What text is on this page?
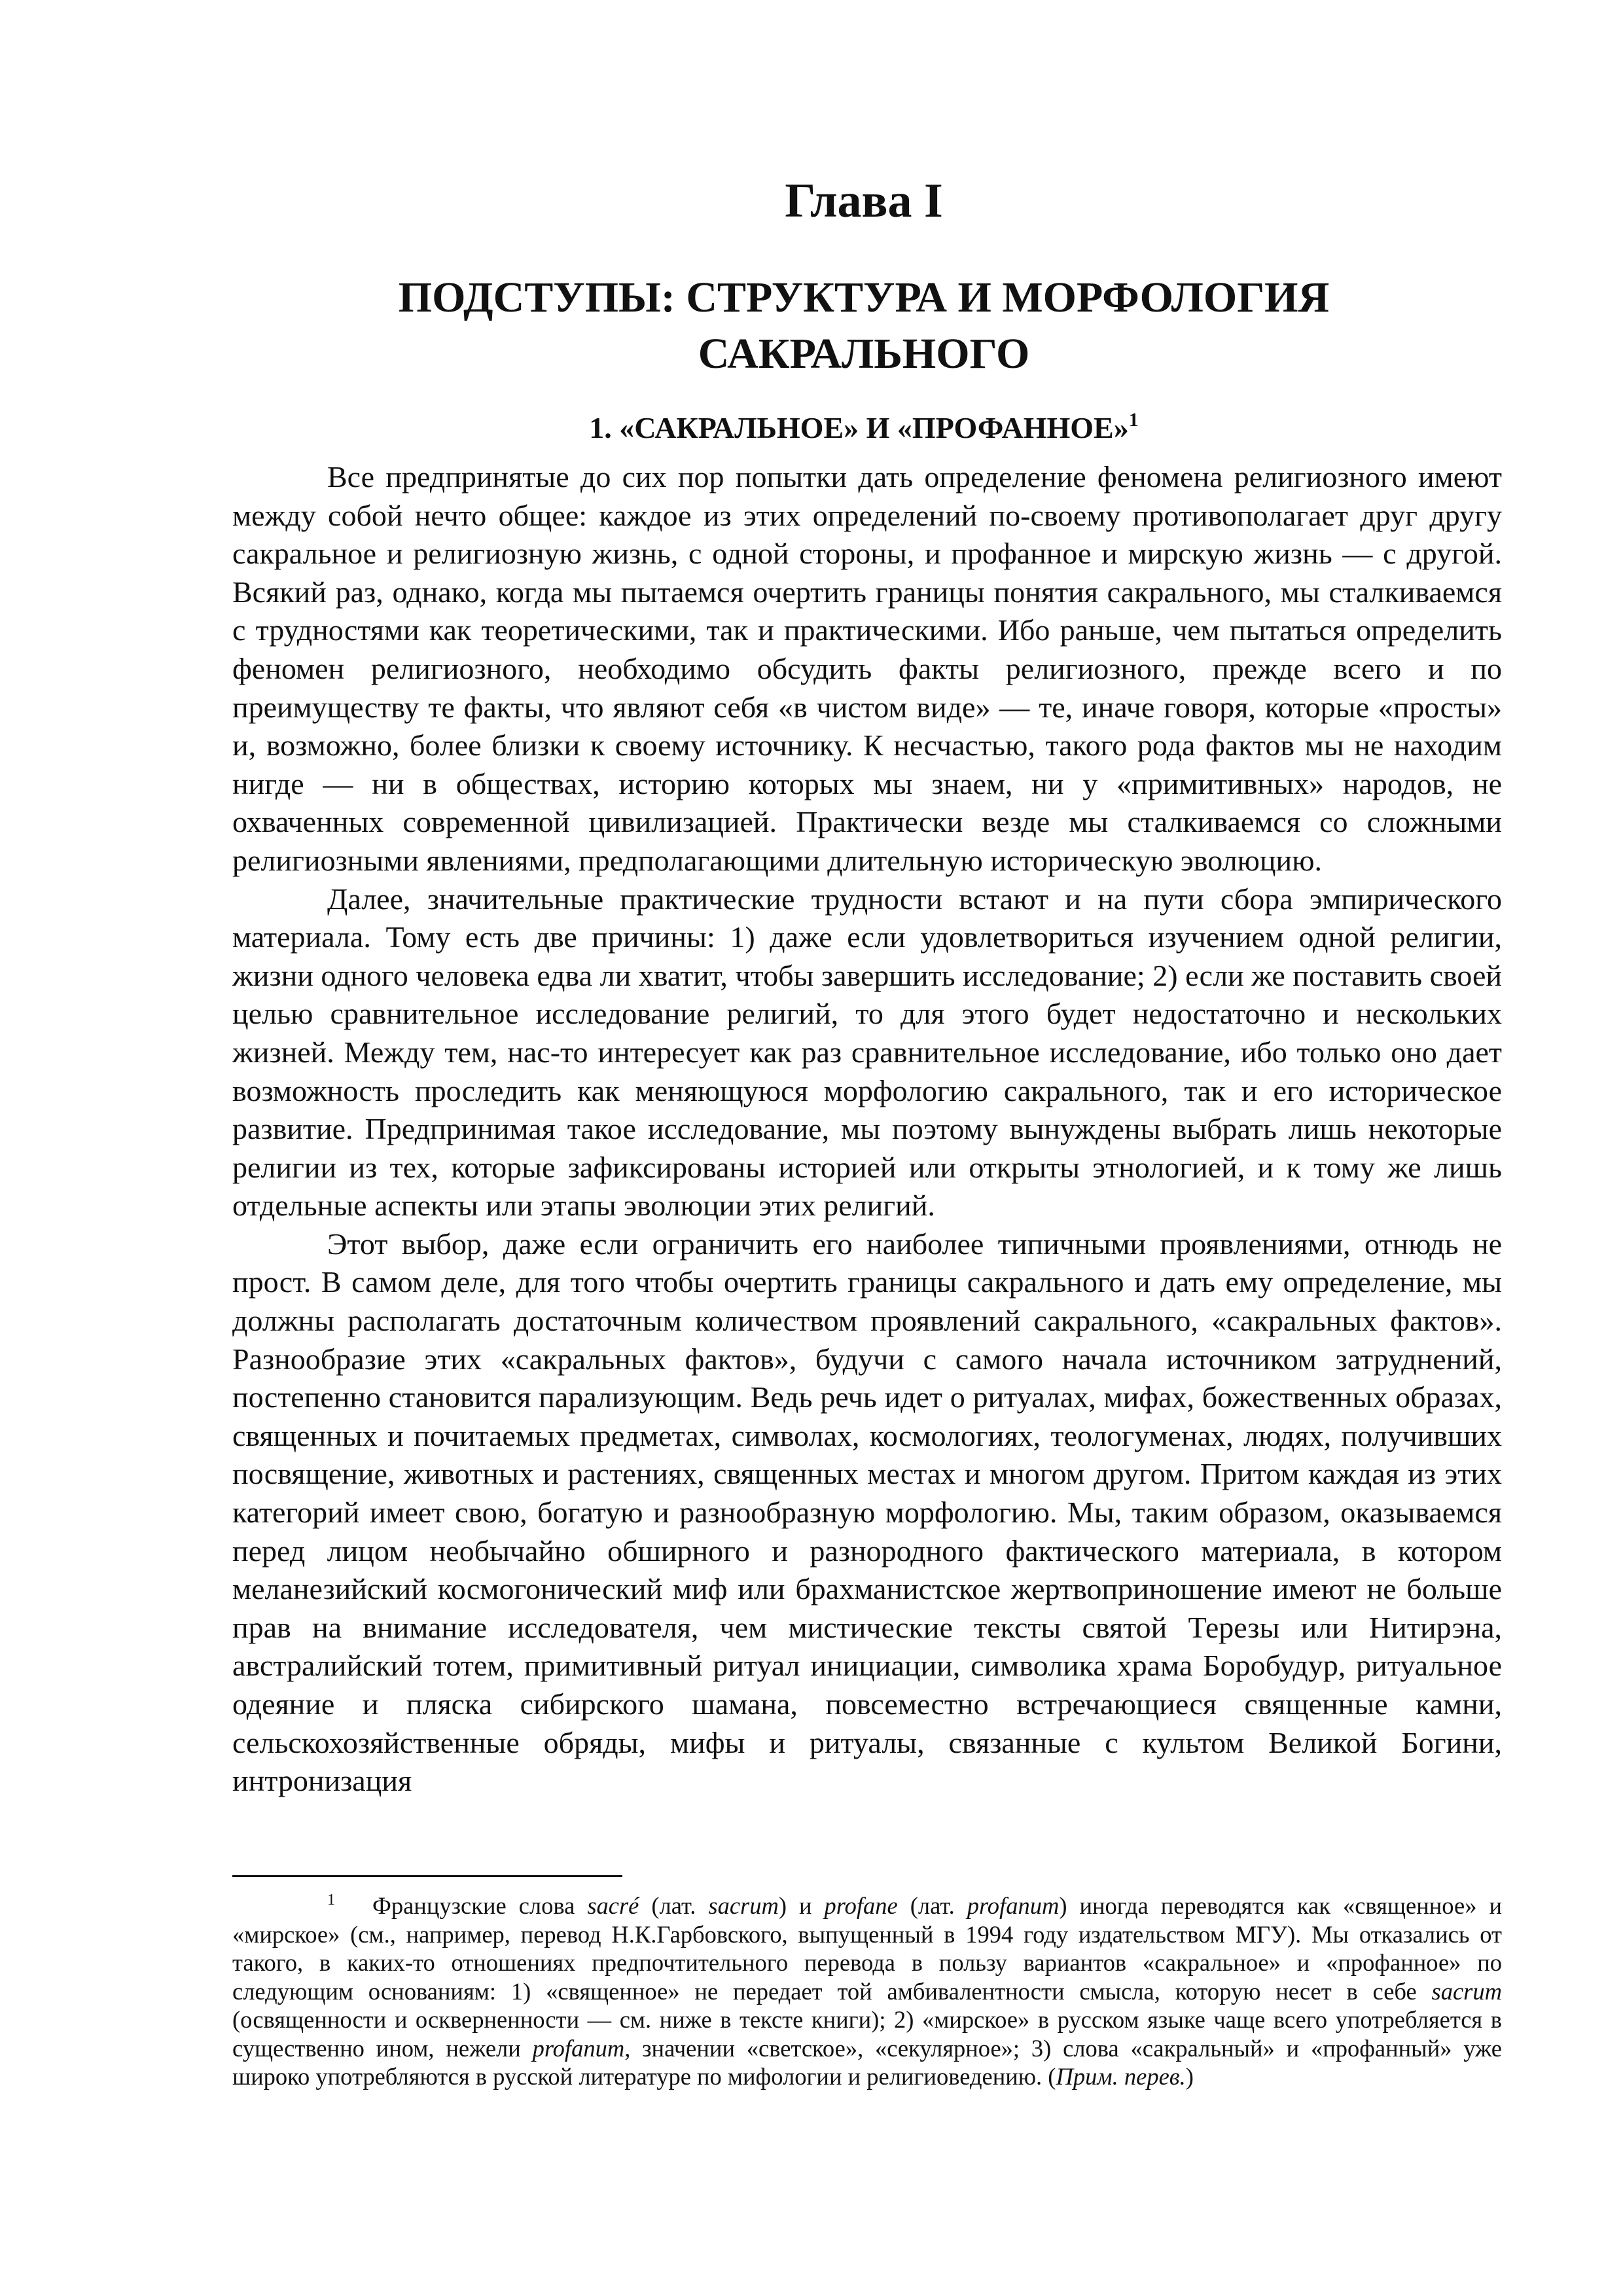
Глава I
ПОДСТУПЫ: СТРУКТУРА И МОРФОЛОГИЯ
САКРАЛЬНОГО
1. «САКРАЛЬНОЕ» И «ПРОФАННОЕ»$^1$

Все предпринятые до сих пор попытки дать определение феномена религиозного имеют между собой нечто общее: каждое из этих определений по-своему противополагает друг другу сакральное и религиозную жизнь, с одной стороны, и профанное и мирскую жизнь — с другой. Всякий раз, однако, когда мы пытаемся очертить границы понятия сакрального, мы сталкиваемся с трудностями как теоретическими, так и практическими. Ибо раньше, чем пытаться определить феномен религиозного, необходимо обсудить факты религиозного, прежде всего и по преимуществу те факты, что являют себя «в чистом виде» — те, иначе говоря, которые «просты» и, возможно, более близки к своему источнику. К несчастью, такого рода фактов мы не находим нигде — ни в обществах, историю которых мы знаем, ни у «примитивных» народов, не охваченных современной цивилизацией. Практически везде мы сталкиваемся со сложными религиозными явлениями, предполагающими длительную историческую эволюцию.

Далее, значительные практические трудности встают и на пути сбора эмпирического материала. Тому есть две причины: 1) даже если удовлетвориться изучением одной религии, жизни одного человека едва ли хватит, чтобы завершить исследование; 2) если же поставить своей целью сравнительное исследование религий, то для этого будет недостаточно и нескольких жизней. Между тем, нас-то интересует как раз сравнительное исследование, ибо только оно дает возможность проследить как меняющуюся морфологию сакрального, так и его историческое развитие. Предпринимая такое исследование, мы поэтому вынуждены выбрать лишь некоторые религии из тех, которые зафиксированы историей или открыты этнологией, и к тому же лишь отдельные аспекты или этапы эволюции этих религий.

Этот выбор, даже если ограничить его наиболее типичными проявлениями, отнюдь не прост. В самом деле, для того чтобы очертить границы сакрального и дать ему определение, мы должны располагать достаточным количеством проявлений сакрального, «сакральных фактов». Разнообразие этих «сакральных фактов», будучи с самого начала источником затруднений, постепенно становится парализующим. Ведь речь идет о ритуалах, мифах, божественных образах, священных и почитаемых предметах, символах, космологиях, теологуменах, людях, получивших посвящение, животных и растениях, священных местах и многом другом. Притом каждая из этих категорий имеет свою, богатую и разнообразную морфологию. Мы, таким образом, оказываемся перед лицом необычайно обширного и разнородного фактического материала, в котором меланезийский космогонический миф или брахманистское жертвоприношение имеют не больше прав на внимание исследователя, чем мистические тексты святой Терезы или Нитирэна, австралийский тотем, примитивный ритуал инициации, символика храма Боробудур, ритуальное одеяние и пляска сибирского шамана, повсеместно встречающиеся священные камни, сельскохозяйственные обряды, мифы и ритуалы, связанные с культом Великой Богини, интронизация

$^1$ Французские слова sacré (лат. sacrum) и profane (лат. profanum) иногда переводятся как «священное» и «мирское» (см., например, перевод Н.К.Гарбовского, выпущенный в 1994 году издательством МГУ). Мы отказались от такого, в каких-то отношениях предпочтительного перевода в пользу вариантов «сакральное» и «профанное» по следующим основаниям: 1) «священное» не передает той амбивалентности смысла, которую несет в себе sacrum (освященности и оскверненности — см. ниже в тексте книги); 2) «мирское» в русском языке чаще всего употребляется в существенно ином, нежели profanum, значении «светское», «секулярное»; 3) слова «сакральный» и «профанный» уже широко употребляются в русской литературе по мифологии и религиоведению. (Прим. перев.)
